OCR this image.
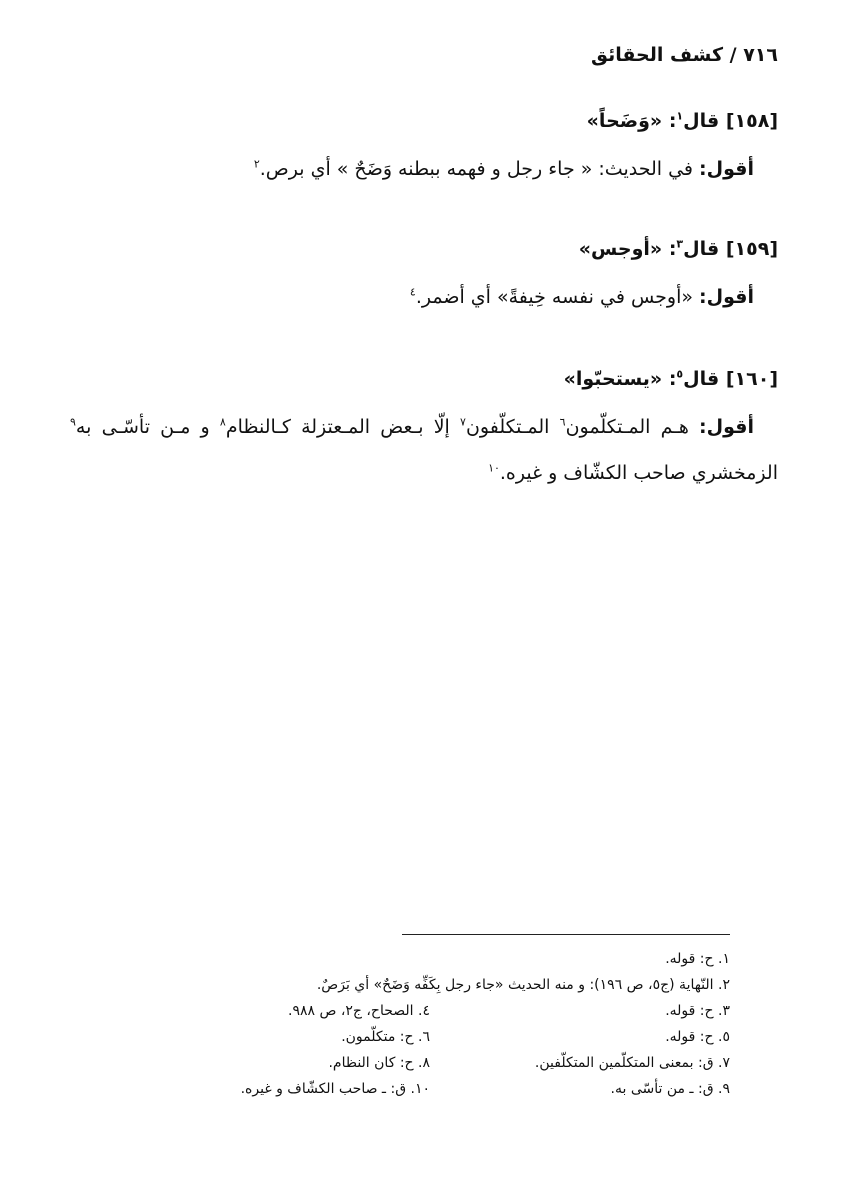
٧١٦ / كشف الحقائق

[١٥٨] قال$^١$: «وَضَحاً»

أقول: في الحديث: « جاء رجل و فهمه ببطنه وَضَحٌ » أي برص.$^٢$

[١٥٩] قال$^٣$: «أوجس»

أقول: «أوجس في نفسه خِيفةً» أي أضمر.$^٤$

[١٦٠] قال$^٥$: «يستحبّوا»

أقول: هـم المـتكلّمون$^٦$ المـتكلّفون$^٧$ إلّا بـعض المـعتزلة كـالنظام$^٨$ و مـن تأسّـى به$^٩$ الزمخشري صاحب الكشّاف و غيره.$^{١٠}$

١. ح: قوله.
٢. النّهاية (ج٥، ص ١٩٦): و منه الحديث «جاء رجل بِكَفِّه وَضَحٌ» أي بَرَصٌ.
٣. ح: قوله.
٤. الصحاح، ج٢، ص ٩٨٨.
٥. ح: قوله.
٦. ح: متكلّمون.
٧. ق: بمعنى المتكلّمين المتكلّفين.
٨. ح: كان النظام.
٩. ق: ـ من تأسّى به.
١٠. ق: ـ صاحب الكشّاف و غيره.
